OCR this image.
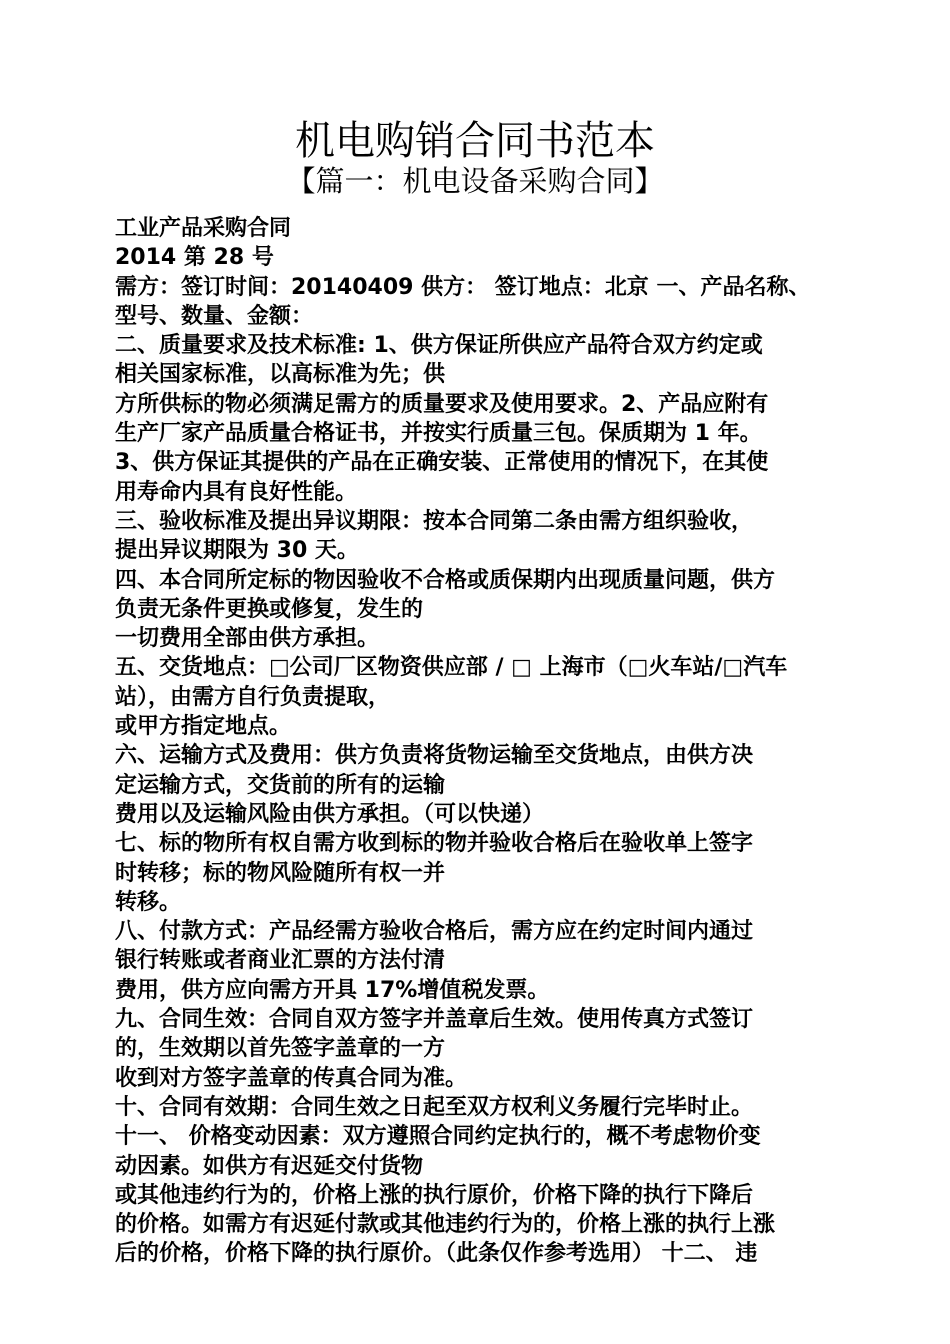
机电购销合同书范本
【篇一：机电设备采购合同】
工业产品采购合同
2014 第 28 号
需方：签订时间：20140409 供方： 签订地点：北京 一、产品名称、
型号、数量、金额：
二、质量要求及技术标准: 1、供方保证所供应产品符合双方约定或
相关国家标准，以高标准为先；供
方所供标的物必须满足需方的质量要求及使用要求。2、产品应附有
生产厂家产品质量合格证书，并按实行质量三包。保质期为 1 年。
3、供方保证其提供的产品在正确安装、正常使用的情况下，在其使
用寿命内具有良好性能。
三、验收标准及提出异议期限：按本合同第二条由需方组织验收，
提出异议期限为 30 天。
四、本合同所定标的物因验收不合格或质保期内出现质量问题，供方
负责无条件更换或修复，发生的
一切费用全部由供方承担。
五、交货地点：□公司厂区物资供应部 / □ 上海市（□火车站/□汽车
站），由需方自行负责提取，
或甲方指定地点。
六、运输方式及费用：供方负责将货物运输至交货地点，由供方决
定运输方式，交货前的所有的运输
费用以及运输风险由供方承担。（可以快递）
七、标的物所有权自需方收到标的物并验收合格后在验收单上签字
时转移；标的物风险随所有权一并
转移。
八、付款方式：产品经需方验收合格后，需方应在约定时间内通过
银行转账或者商业汇票的方法付清
费用，供方应向需方开具 17%增值税发票。
九、合同生效：合同自双方签字并盖章后生效。使用传真方式签订
的，生效期以首先签字盖章的一方
收到对方签字盖章的传真合同为准。
十、合同有效期：合同生效之日起至双方权利义务履行完毕时止。
十一、 价格变动因素：双方遵照合同约定执行的，概不考虑物价变
动因素。如供方有迟延交付货物
或其他违约行为的，价格上涨的执行原价，价格下降的执行下降后
的价格。如需方有迟延付款或其他违约行为的，价格上涨的执行上涨
后的价格，价格下降的执行原价。（此条仅作参考选用） 十二、 违
